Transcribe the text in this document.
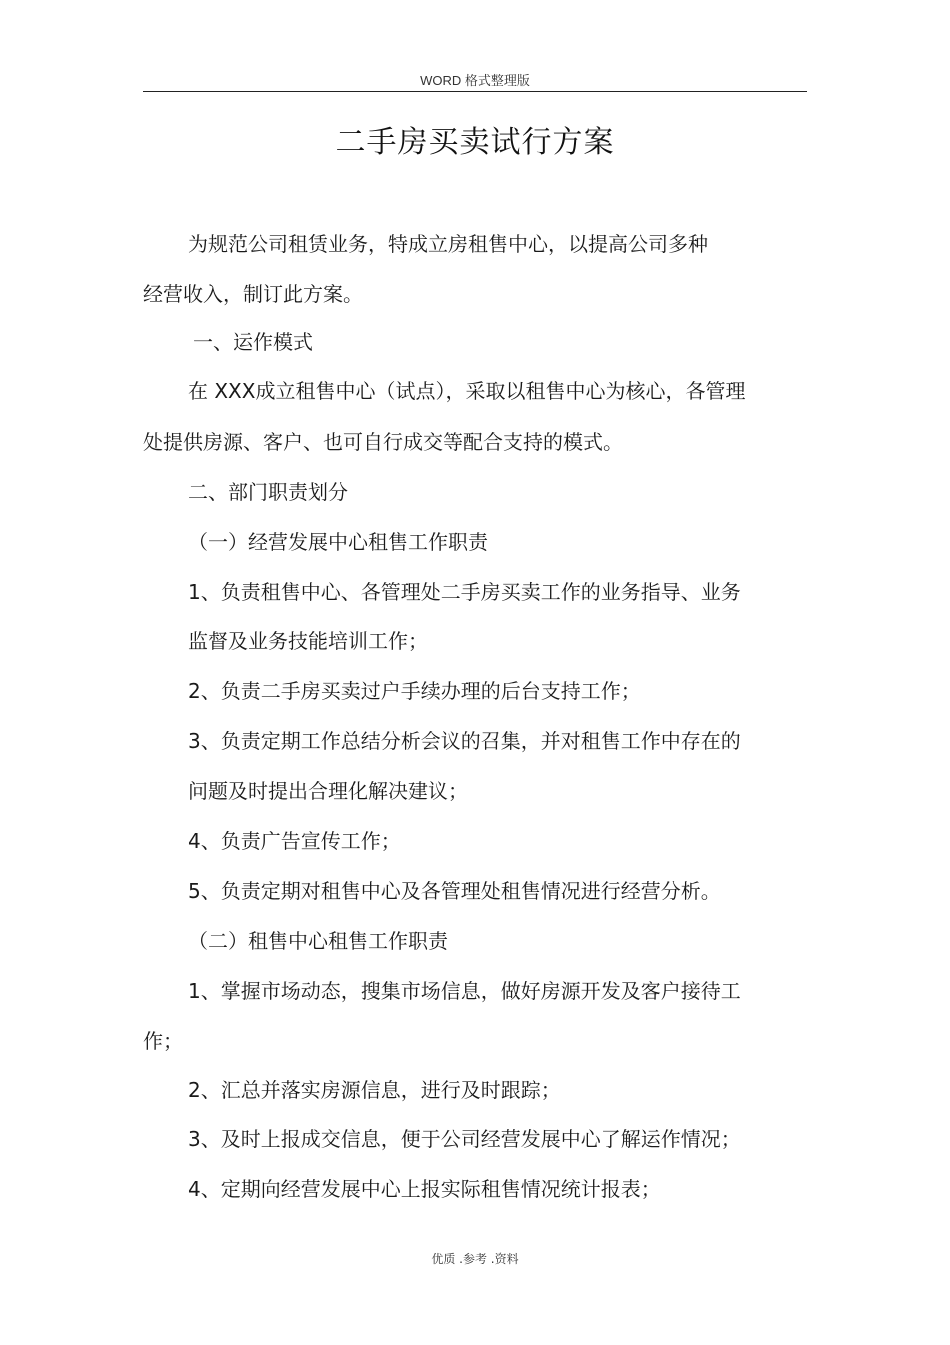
WORD 格式整理版
二手房买卖试行方案
为规范公司租赁业务，特成立房租售中心，以提高公司多种
经营收入，制订此方案。
一、运作模式
在 XXX成立租售中心（试点），采取以租售中心为核心，各管理
处提供房源、客户、也可自行成交等配合支持的模式。
二、部门职责划分
（一）经营发展中心租售工作职责
1、负责租售中心、各管理处二手房买卖工作的业务指导、业务
监督及业务技能培训工作；
2、负责二手房买卖过户手续办理的后台支持工作；
3、负责定期工作总结分析会议的召集，并对租售工作中存在的
问题及时提出合理化解决建议；
4、负责广告宣传工作；
5、负责定期对租售中心及各管理处租售情况进行经营分析。
（二）租售中心租售工作职责
1、掌握市场动态，搜集市场信息，做好房源开发及客户接待工
作；
2、汇总并落实房源信息，进行及时跟踪；
3、及时上报成交信息，便于公司经营发展中心了解运作情况；
4、定期向经营发展中心上报实际租售情况统计报表；
优质 .参考 .资料
